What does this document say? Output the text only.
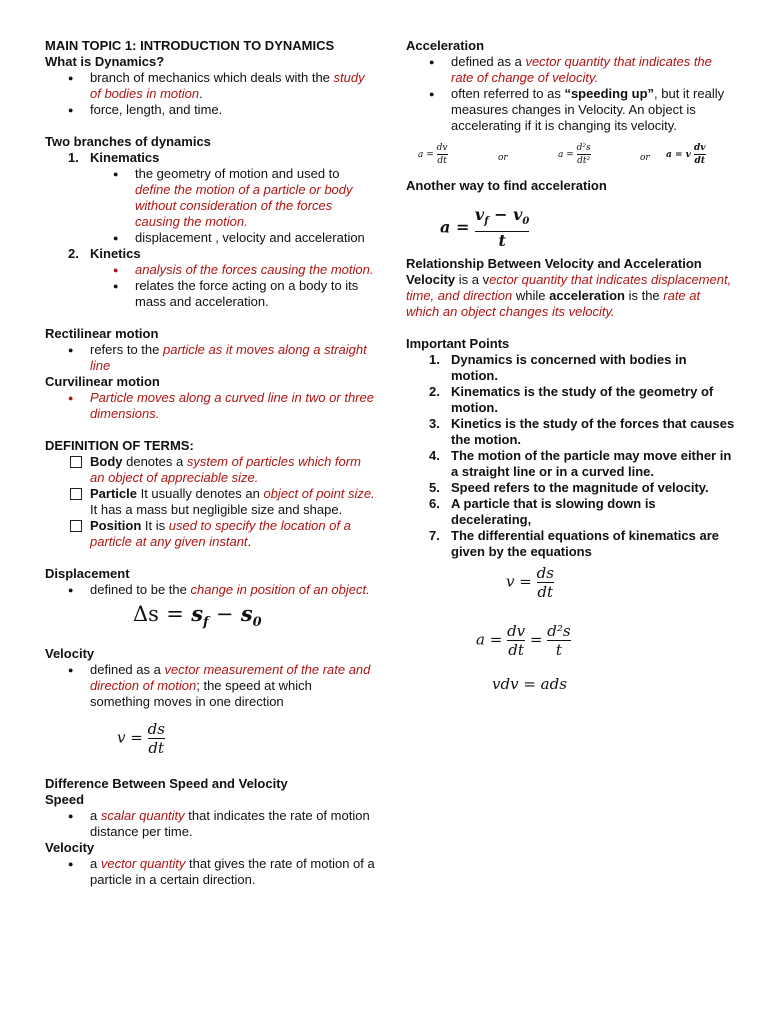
MAIN TOPIC 1: INTRODUCTION TO DYNAMICS
What is Dynamics?
● branch of mechanics which deals with the study of bodies in motion.
● force, length, and time.
Two branches of dynamics
1. Kinematics
● the geometry of motion and used to define the motion of a particle or body without consideration of the forces causing the motion.
● displacement , velocity and acceleration
2. Kinetics
● analysis of the forces causing the motion.
● relates the force acting on a body to its mass and acceleration.
Rectilinear motion
● refers to the particle as it moves along a straight line
Curvilinear motion
● Particle moves along a curved line in two or three dimensions.
DEFINITION OF TERMS:
Body denotes a system of particles which form an object of appreciable size.
Particle It usually denotes an object of point size. It has a mass but negligible size and shape.
Position It is used to specify the location of a particle at any given instant.
Displacement
● defined to be the change in position of an object.
$\Delta s = s_f - s_0$
Velocity
● defined as a vector measurement of the rate and direction of motion; the speed at which something moves in one direction
$v = \frac{ds}{dt}$
Difference Between Speed and Velocity
Speed
● a scalar quantity that indicates the rate of motion distance per time.
Velocity
● a vector quantity that gives the rate of motion of a particle in a certain direction.
Acceleration
● defined as a vector quantity that indicates the rate of change of velocity.
● often referred to as “speeding up”, but it really measures changes in Velocity. An object is accelerating if it is changing its velocity.
$a = \frac{dv}{dt}$	or	$a = \frac{\text{d²s}}{\text{dt²}}$	or a = v $\frac{dv}{dt}$
Another way to find acceleration
$a = \frac{v_f - v_0}{t}$
Relationship Between Velocity and Acceleration
Velocity is a vector quantity that indicates displacement, time, and direction while acceleration is the rate at which an object changes its velocity.
Important Points
1. Dynamics is concerned with bodies in motion.
2. Kinematics is the study of the geometry of motion.
3. Kinetics is the study of the forces that causes the motion.
4. The motion of the particle may move either in a straight line or in a curved line.
5. Speed refers to the magnitude of velocity.
6. A particle that is slowing down is decelerating,
7. The differential equations of kinematics are given by the equations
$v = \frac{ds}{dt}$
$a = \frac{dv}{dt} = \frac{\text{d²s}}{t}$
vdv = ads
